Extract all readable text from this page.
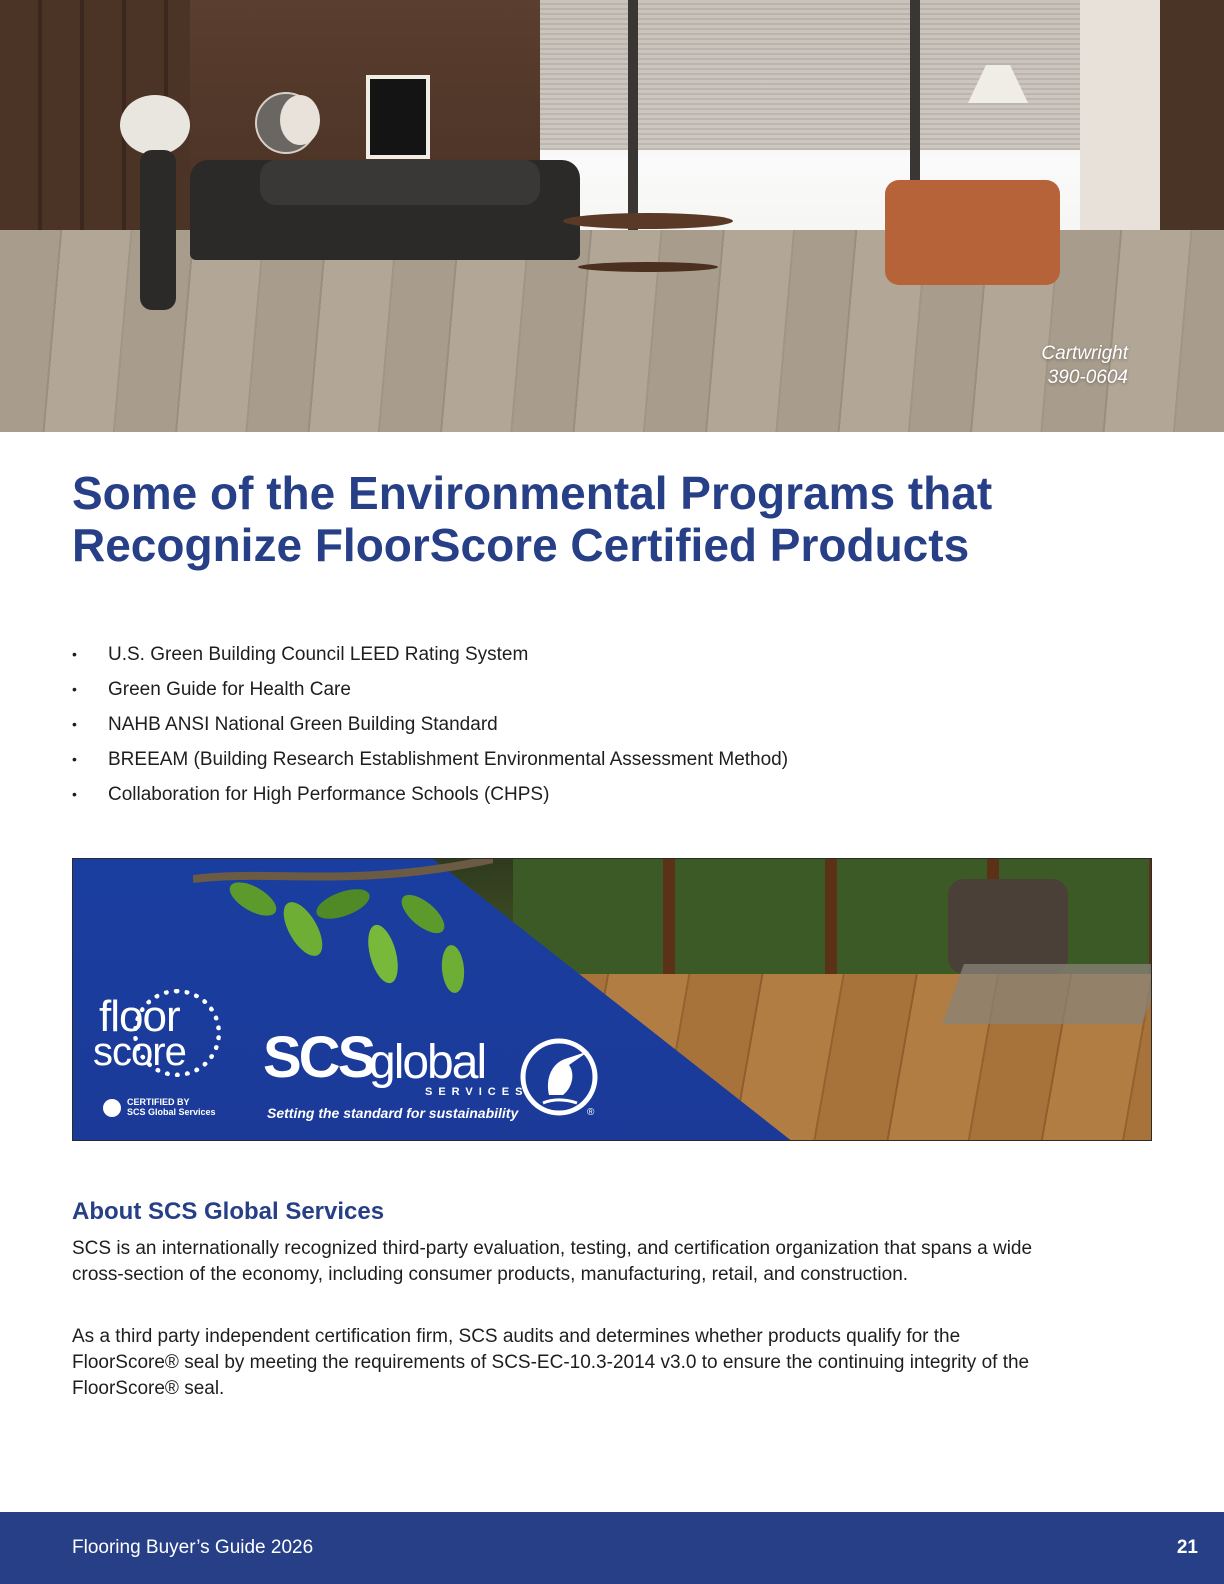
Cartwright
390-0604
Some of the Environmental Programs that Recognize FloorScore Certified Products
• U.S. Green Building Council LEED Rating System
• Green Guide for Health Care
• NAHB ANSI National Green Building Standard
• BREEAM (Building Research Establishment Environmental Assessment Method)
• Collaboration for High Performance Schools (CHPS)
floor
score
CERTIFIED BY
SCS Global Services
SCS
global
SERVICES
Setting the standard for sustainability	®
About SCS Global Services

SCS is an internationally recognized third-party evaluation, testing, and certification organization that spans a wide cross-section of the economy, including consumer products, manufacturing, retail, and construction.

As a third party independent certification firm, SCS audits and determines whether products qualify for the FloorScore® seal by meeting the requirements of SCS-EC-10.3-2014 v3.0 to ensure the continuing integrity of the FloorScore® seal.

Flooring Buyer’s Guide 2026	21
